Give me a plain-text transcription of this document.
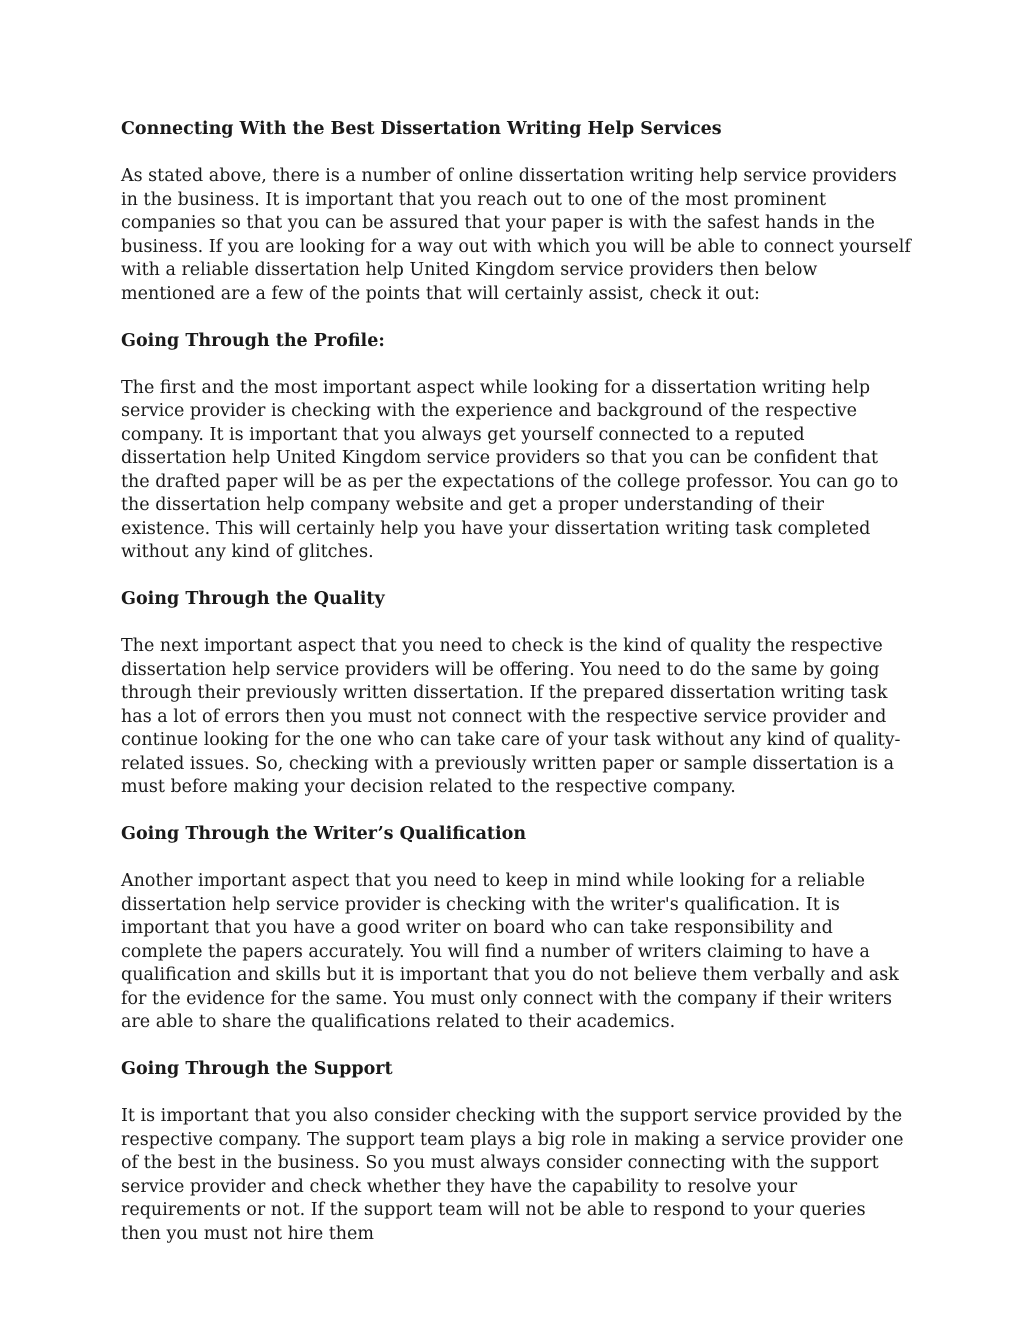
Connecting With the Best Dissertation Writing Help Services

As stated above, there is a number of online dissertation writing help service providers in the business. It is important that you reach out to one of the most prominent companies so that you can be assured that your paper is with the safest hands in the business. If you are looking for a way out with which you will be able to connect yourself with a reliable dissertation help United Kingdom service providers then below mentioned are a few of the points that will certainly assist, check it out:

Going Through the Profile:

The first and the most important aspect while looking for a dissertation writing help service provider is checking with the experience and background of the respective company. It is important that you always get yourself connected to a reputed dissertation help United Kingdom service providers so that you can be confident that the drafted paper will be as per the expectations of the college professor. You can go to the dissertation help company website and get a proper understanding of their existence. This will certainly help you have your dissertation writing task completed without any kind of glitches.

Going Through the Quality

The next important aspect that you need to check is the kind of quality the respective dissertation help service providers will be offering. You need to do the same by going through their previously written dissertation. If the prepared dissertation writing task has a lot of errors then you must not connect with the respective service provider and continue looking for the one who can take care of your task without any kind of quality-related issues. So, checking with a previously written paper or sample dissertation is a must before making your decision related to the respective company.

Going Through the Writer’s Qualification

Another important aspect that you need to keep in mind while looking for a reliable dissertation help service provider is checking with the writer's qualification. It is important that you have a good writer on board who can take responsibility and complete the papers accurately. You will find a number of writers claiming to have a qualification and skills but it is important that you do not believe them verbally and ask for the evidence for the same. You must only connect with the company if their writers are able to share the qualifications related to their academics.

Going Through the Support

It is important that you also consider checking with the support service provided by the respective company. The support team plays a big role in making a service provider one of the best in the business. So you must always consider connecting with the support service provider and check whether they have the capability to resolve your requirements or not. If the support team will not be able to respond to your queries then you must not hire them
